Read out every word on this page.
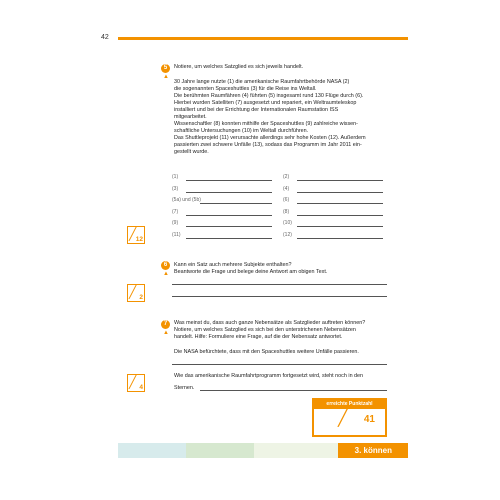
42
5
▲

Notiere, um welches Satzglied es sich jeweils handelt.

30 Jahre lange nutzte (1) die amerikanische Raumfahrtbehörde NASA (2)

die sogenannten Spaceshuttles (3) für die Reise ins Weltall.

Die berühmten Raumfähren (4) führten (5) insgesamt rund 130 Flüge durch (6).

Hierbei wurden Satelliten (7) ausgesetzt und repariert, ein Weltraumteleskop

installiert und bei der Errichtung der Internationalen Raumstation ISS

mitgearbeitet.

Wissenschaftler (8) konnten mithilfe der Spaceshuttles (9) zahlreiche wissen-

schaftliche Untersuchungen (10) im Weltall durchführen.

Das Shuttleprojekt (11) verursachte allerdings sehr hohe Kosten (12). Außerdem

passierten zwei schwere Unfälle (13), sodass das Programm im Jahr 2011 ein-

gestellt wurde.

(1)	(2)
(3)	(4)
(5a) und (5b)	(6)
(7)	(8)
(9)	(10)
(11)	(12)
╱ 12
6
▲

Kann ein Satz auch mehrere Subjekte enthalten?

Beantworte die Frage und belege deine Antwort am obigen Text.

╱ 2
7
▲

Was meinst du, dass auch ganze Nebensätze als Satzglieder auftreten können?

Notiere, um welches Satzglied es sich bei den unterstrichenen Nebensätzen

handelt. Hilfe: Formuliere eine Frage, auf die der Nebensatz antwortet.

Die NASA befürchtete, dass mit den Spaceshuttles weitere Unfälle passieren.

Wie das amerikanische Raumfahrtprogramm fortgesetzt wird, steht noch in den

Sternen.

╱ 4
erreichte Punktzahl
╱ 41
3. können
